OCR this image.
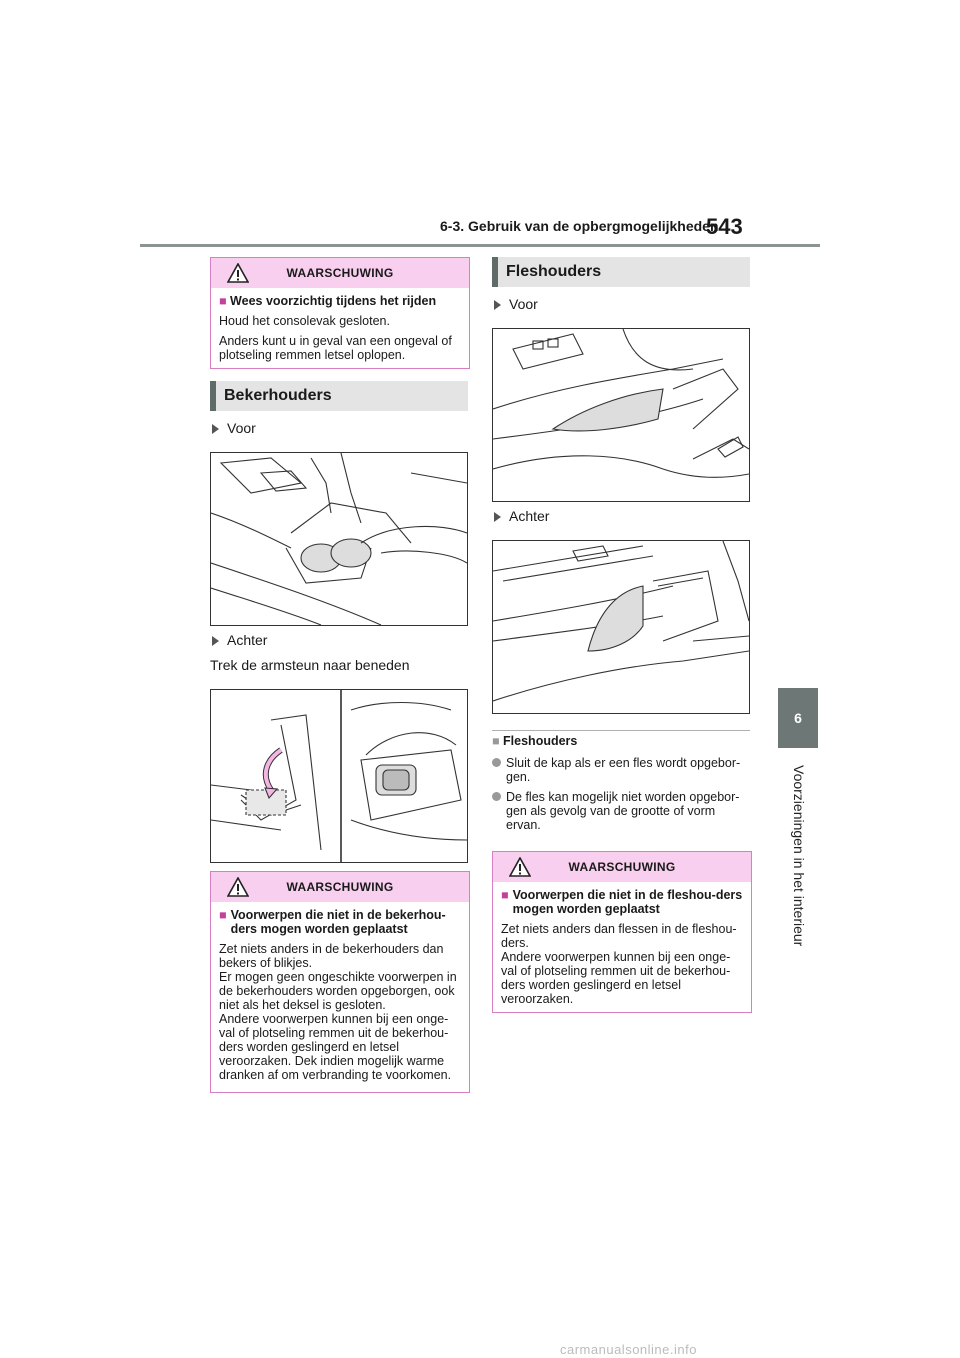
6-3. Gebruik van de opbergmogelijkheden
543
6
Voorzieningen in het interieur
WAARSCHUWING
■ Wees voorzichtig tijdens het rijden
Houd het consolevak gesloten.
Anders kunt u in geval van een ongeval of plotseling remmen letsel oplopen.
Bekerhouders
Voor
Achter
Trek de armsteun naar beneden
WAARSCHUWING
■ Voorwerpen die niet in de bekerhou-ders mogen worden geplaatst
Zet niets anders in de bekerhouders dan bekers of blikjes.
Er mogen geen ongeschikte voorwerpen in de bekerhouders worden opgeborgen, ook niet als het deksel is gesloten.
Andere voorwerpen kunnen bij een onge-val of plotseling remmen uit de bekerhou-ders worden geslingerd en letsel veroorzaken. Dek indien mogelijk warme dranken af om verbranding te voorkomen.
Fleshouders
Voor
Achter
■ Fleshouders
Sluit de kap als er een fles wordt opgebor-gen.
De fles kan mogelijk niet worden opgebor-gen als gevolg van de grootte of vorm ervan.
WAARSCHUWING
■ Voorwerpen die niet in de fleshou-ders mogen worden geplaatst
Zet niets anders dan flessen in de fleshou-ders.
Andere voorwerpen kunnen bij een onge-val of plotseling remmen uit de bekerhou-ders worden geslingerd en letsel veroorzaken.
carmanualsonline.info
